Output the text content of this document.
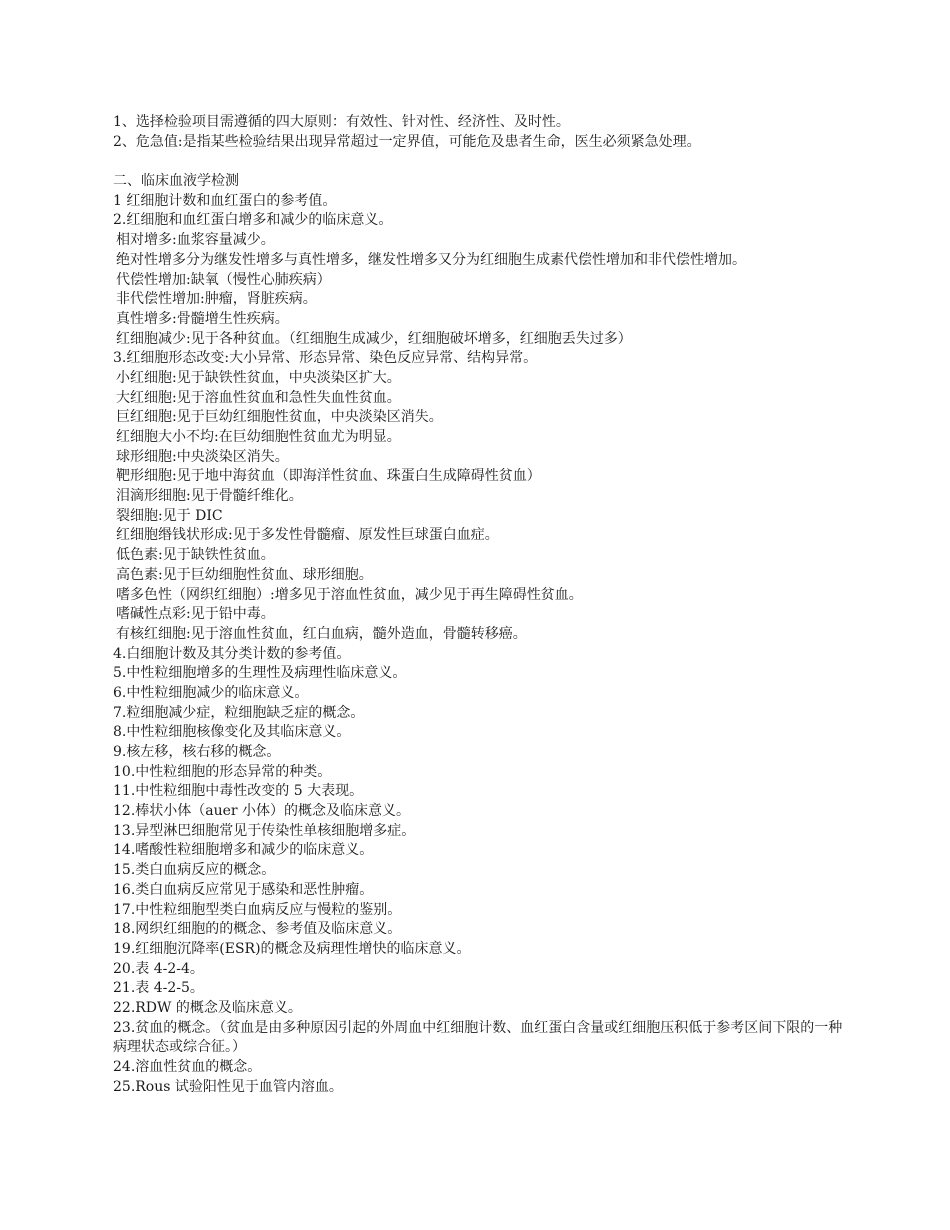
1、选择检验项目需遵循的四大原则：有效性、针对性、经济性、及时性。
2、危急值:是指某些检验结果出现异常超过一定界值，可能危及患者生命，医生必须紧急处理。
二、临床血液学检测
1 红细胞计数和血红蛋白的参考值。
2.红细胞和血红蛋白增多和减少的临床意义。
相对增多:血浆容量减少。
绝对性增多分为继发性增多与真性增多，继发性增多又分为红细胞生成素代偿性增加和非代偿性增加。
代偿性增加:缺氧（慢性心肺疾病）
非代偿性增加:肿瘤，肾脏疾病。
真性增多:骨髓增生性疾病。
红细胞减少:见于各种贫血。（红细胞生成减少，红细胞破坏增多，红细胞丢失过多）
3.红细胞形态改变:大小异常、形态异常、染色反应异常、结构异常。
小红细胞:见于缺铁性贫血，中央淡染区扩大。
大红细胞:见于溶血性贫血和急性失血性贫血。
巨红细胞:见于巨幼红细胞性贫血，中央淡染区消失。
红细胞大小不均:在巨幼细胞性贫血尤为明显。
球形细胞:中央淡染区消失。
靶形细胞:见于地中海贫血（即海洋性贫血、珠蛋白生成障碍性贫血）
泪滴形细胞:见于骨髓纤维化。
裂细胞:见于 DIC
红细胞缗钱状形成:见于多发性骨髓瘤、原发性巨球蛋白血症。
低色素:见于缺铁性贫血。
高色素:见于巨幼细胞性贫血、球形细胞。
嗜多色性（网织红细胞）:增多见于溶血性贫血，减少见于再生障碍性贫血。
嗜碱性点彩:见于铅中毒。
有核红细胞:见于溶血性贫血，红白血病，髓外造血，骨髓转移癌。
4.白细胞计数及其分类计数的参考值。
5.中性粒细胞增多的生理性及病理性临床意义。
6.中性粒细胞减少的临床意义。
7.粒细胞减少症，粒细胞缺乏症的概念。
8.中性粒细胞核像变化及其临床意义。
9.核左移，核右移的概念。
10.中性粒细胞的形态异常的种类。
11.中性粒细胞中毒性改变的 5 大表现。
12.棒状小体（auer 小体）的概念及临床意义。
13.异型淋巴细胞常见于传染性单核细胞增多症。
14.嗜酸性粒细胞增多和减少的临床意义。
15.类白血病反应的概念。
16.类白血病反应常见于感染和恶性肿瘤。
17.中性粒细胞型类白血病反应与慢粒的鉴别。
18.网织红细胞的的概念、参考值及临床意义。
19.红细胞沉降率(ESR)的概念及病理性增快的临床意义。
20.表 4-2-4。
21.表 4-2-5。
22.RDW 的概念及临床意义。
23.贫血的概念。（贫血是由多种原因引起的外周血中红细胞计数、血红蛋白含量或红细胞压积低于参考区间下限的一种病理状态或综合征。）
24.溶血性贫血的概念。
25.Rous 试验阳性见于血管内溶血。
